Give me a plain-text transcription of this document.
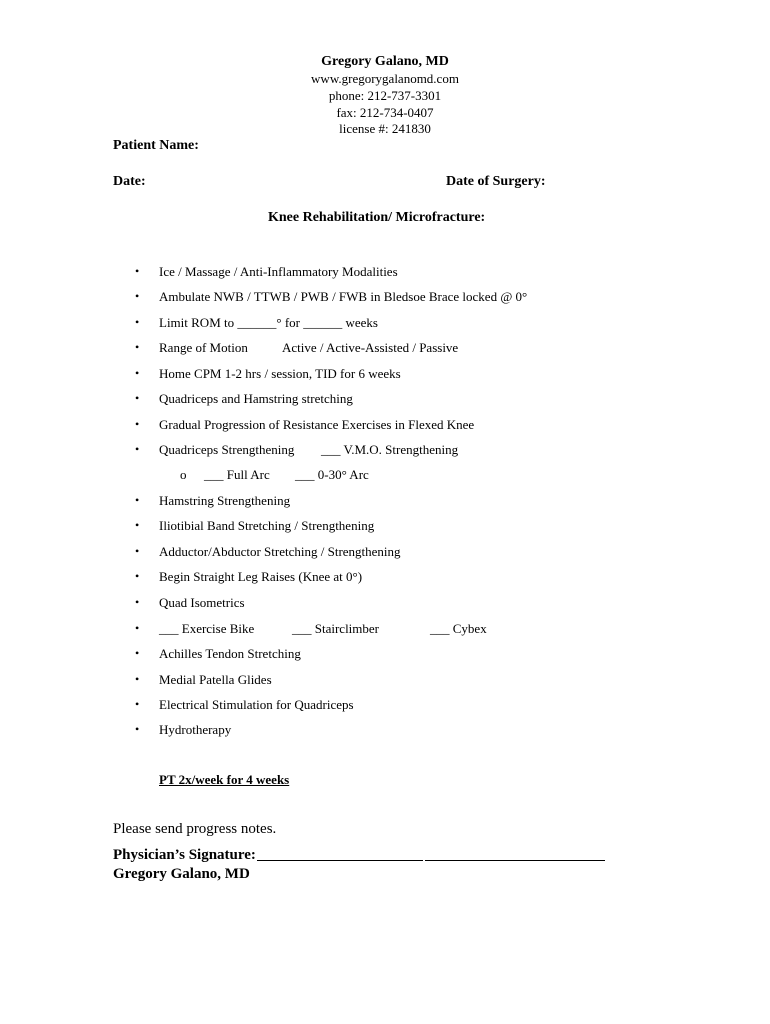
Gregory Galano, MD
www.gregorygalanomd.com
phone: 212-737-3301
fax: 212-734-0407
license #: 241830
Patient Name:
Date:	Date of Surgery:
Knee Rehabilitation/ Microfracture:
• Ice / Massage / Anti-Inflammatory Modalities
• Ambulate NWB / TTWB / PWB / FWB in Bledsoe Brace locked @ 0°
• Limit ROM to ______° for ______ weeks
• Range of Motion	Active / Active-Assisted / Passive
• Home CPM 1-2 hrs / session, TID for 6 weeks
• Quadriceps and Hamstring stretching
• Gradual Progression of Resistance Exercises in Flexed Knee
• Quadriceps Strengthening ___ V.M.O. Strengthening
o ___ Full Arc ___ 0-30° Arc
• Hamstring Strengthening
• Iliotibial Band Stretching / Strengthening
• Adductor/Abductor Stretching / Strengthening
• Begin Straight Leg Raises (Knee at 0°)
• Quad Isometrics
• ___ Exercise Bike	___ Stairclimber	___ Cybex
• Achilles Tendon Stretching
• Medial Patella Glides
• Electrical Stimulation for Quadriceps
• Hydrotherapy
PT 2x/week for 4 weeks
Please send progress notes.
Physician’s Signature:
Gregory Galano, MD
